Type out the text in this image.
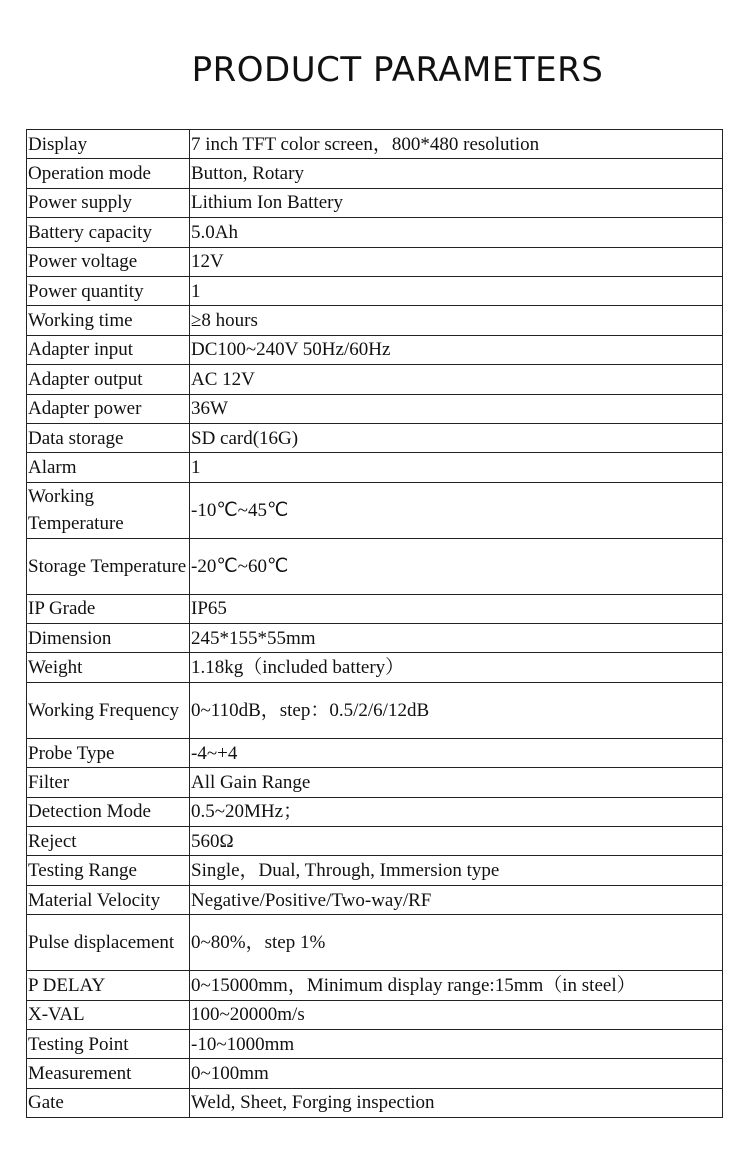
PRODUCT PARAMETERS
Display	7 inch TFT color screen，800*480 resolution
Operation mode	Button, Rotary
Power supply	Lithium Ion Battery
Battery capacity	5.0Ah
Power voltage	12V
Power quantity	1
Working time	≥8 hours
Adapter input	DC100~240V 50Hz/60Hz
Adapter output	AC 12V
Adapter power	36W
Data storage	SD card(16G)
Alarm	1
Working Temperature	-10℃~45℃
Storage Temperature	-20℃~60℃
IP Grade	IP65
Dimension	245*155*55mm
Weight	1.18kg（included battery）
Working Frequency	0~110dB，step：0.5/2/6/12dB
Probe Type	-4~+4
Filter	All Gain Range
Detection Mode	0.5~20MHz；
Reject	560Ω
Testing Range	Single，Dual, Through, Immersion type
Material Velocity	Negative/Positive/Two-way/RF
Pulse displacement	0~80%，step 1%
P DELAY	0~15000mm，Minimum display range:15mm（in steel）
X-VAL	100~20000m/s
Testing Point	-10~1000mm
Measurement	0~100mm
Gate	Weld, Sheet, Forging inspection
